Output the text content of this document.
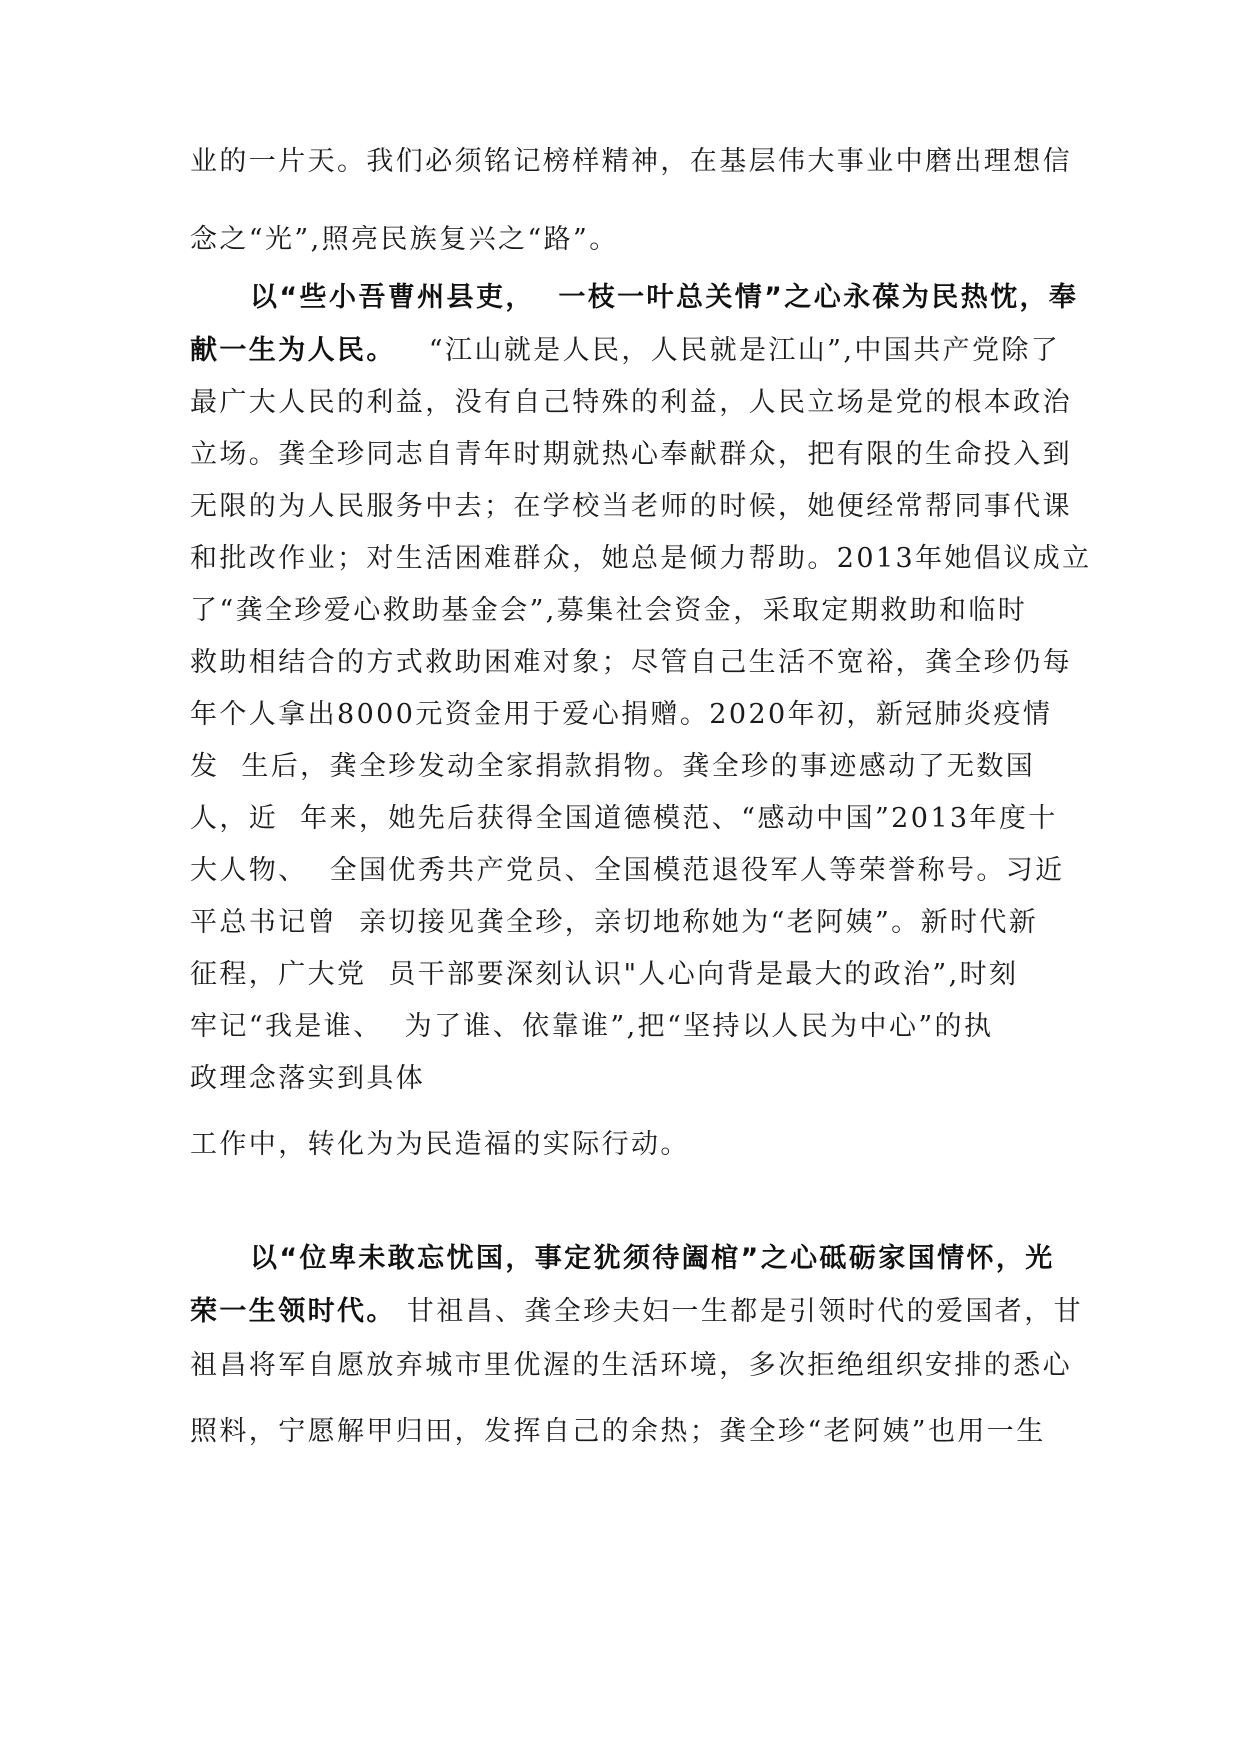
业的一片天。我们必须铭记榜样精神，在基层伟大事业中磨出理想信
念之“光”,照亮民族复兴之“路”。
以“些小吾曹州县吏，  一枝一叶总关情”之心永葆为民热忱，奉
献一生为人民。   “江山就是人民，人民就是江山”,中国共产党除了
最广大人民的利益，没有自己特殊的利益，人民立场是党的根本政治
立场。龚全珍同志自青年时期就热心奉献群众，把有限的生命投入到
无限的为人民服务中去；在学校当老师的时候，她便经常帮同事代课
和批改作业；对生活困难群众，她总是倾力帮助。2013年她倡议成立
了“龚全珍爱心救助基金会”,募集社会资金，采取定期救助和临时
救助相结合的方式救助困难对象；尽管自己生活不宽裕，龚全珍仍每
年个人拿出8000元资金用于爱心捐赠。2020年初，新冠肺炎疫情
发  生后，龚全珍发动全家捐款捐物。龚全珍的事迹感动了无数国
人，近  年来，她先后获得全国道德模范、“感动中国”2013年度十
大人物、  全国优秀共产党员、全国模范退役军人等荣誉称号。习近
平总书记曾  亲切接见龚全珍，亲切地称她为“老阿姨”。新时代新
征程，广大党  员干部要深刻认识"人心向背是最大的政治”,时刻
牢记“我是谁、  为了谁、依靠谁”,把“坚持以人民为中心”的执
政理念落实到具体
工作中，转化为为民造福的实际行动。
以“位卑未敢忘忧国，事定犹须待阖棺”之心砥砺家国情怀，光
荣一生领时代。 甘祖昌、龚全珍夫妇一生都是引领时代的爱国者，甘
祖昌将军自愿放弃城市里优渥的生活环境，多次拒绝组织安排的悉心
照料，宁愿解甲归田，发挥自己的余热；龚全珍“老阿姨”也用一生
